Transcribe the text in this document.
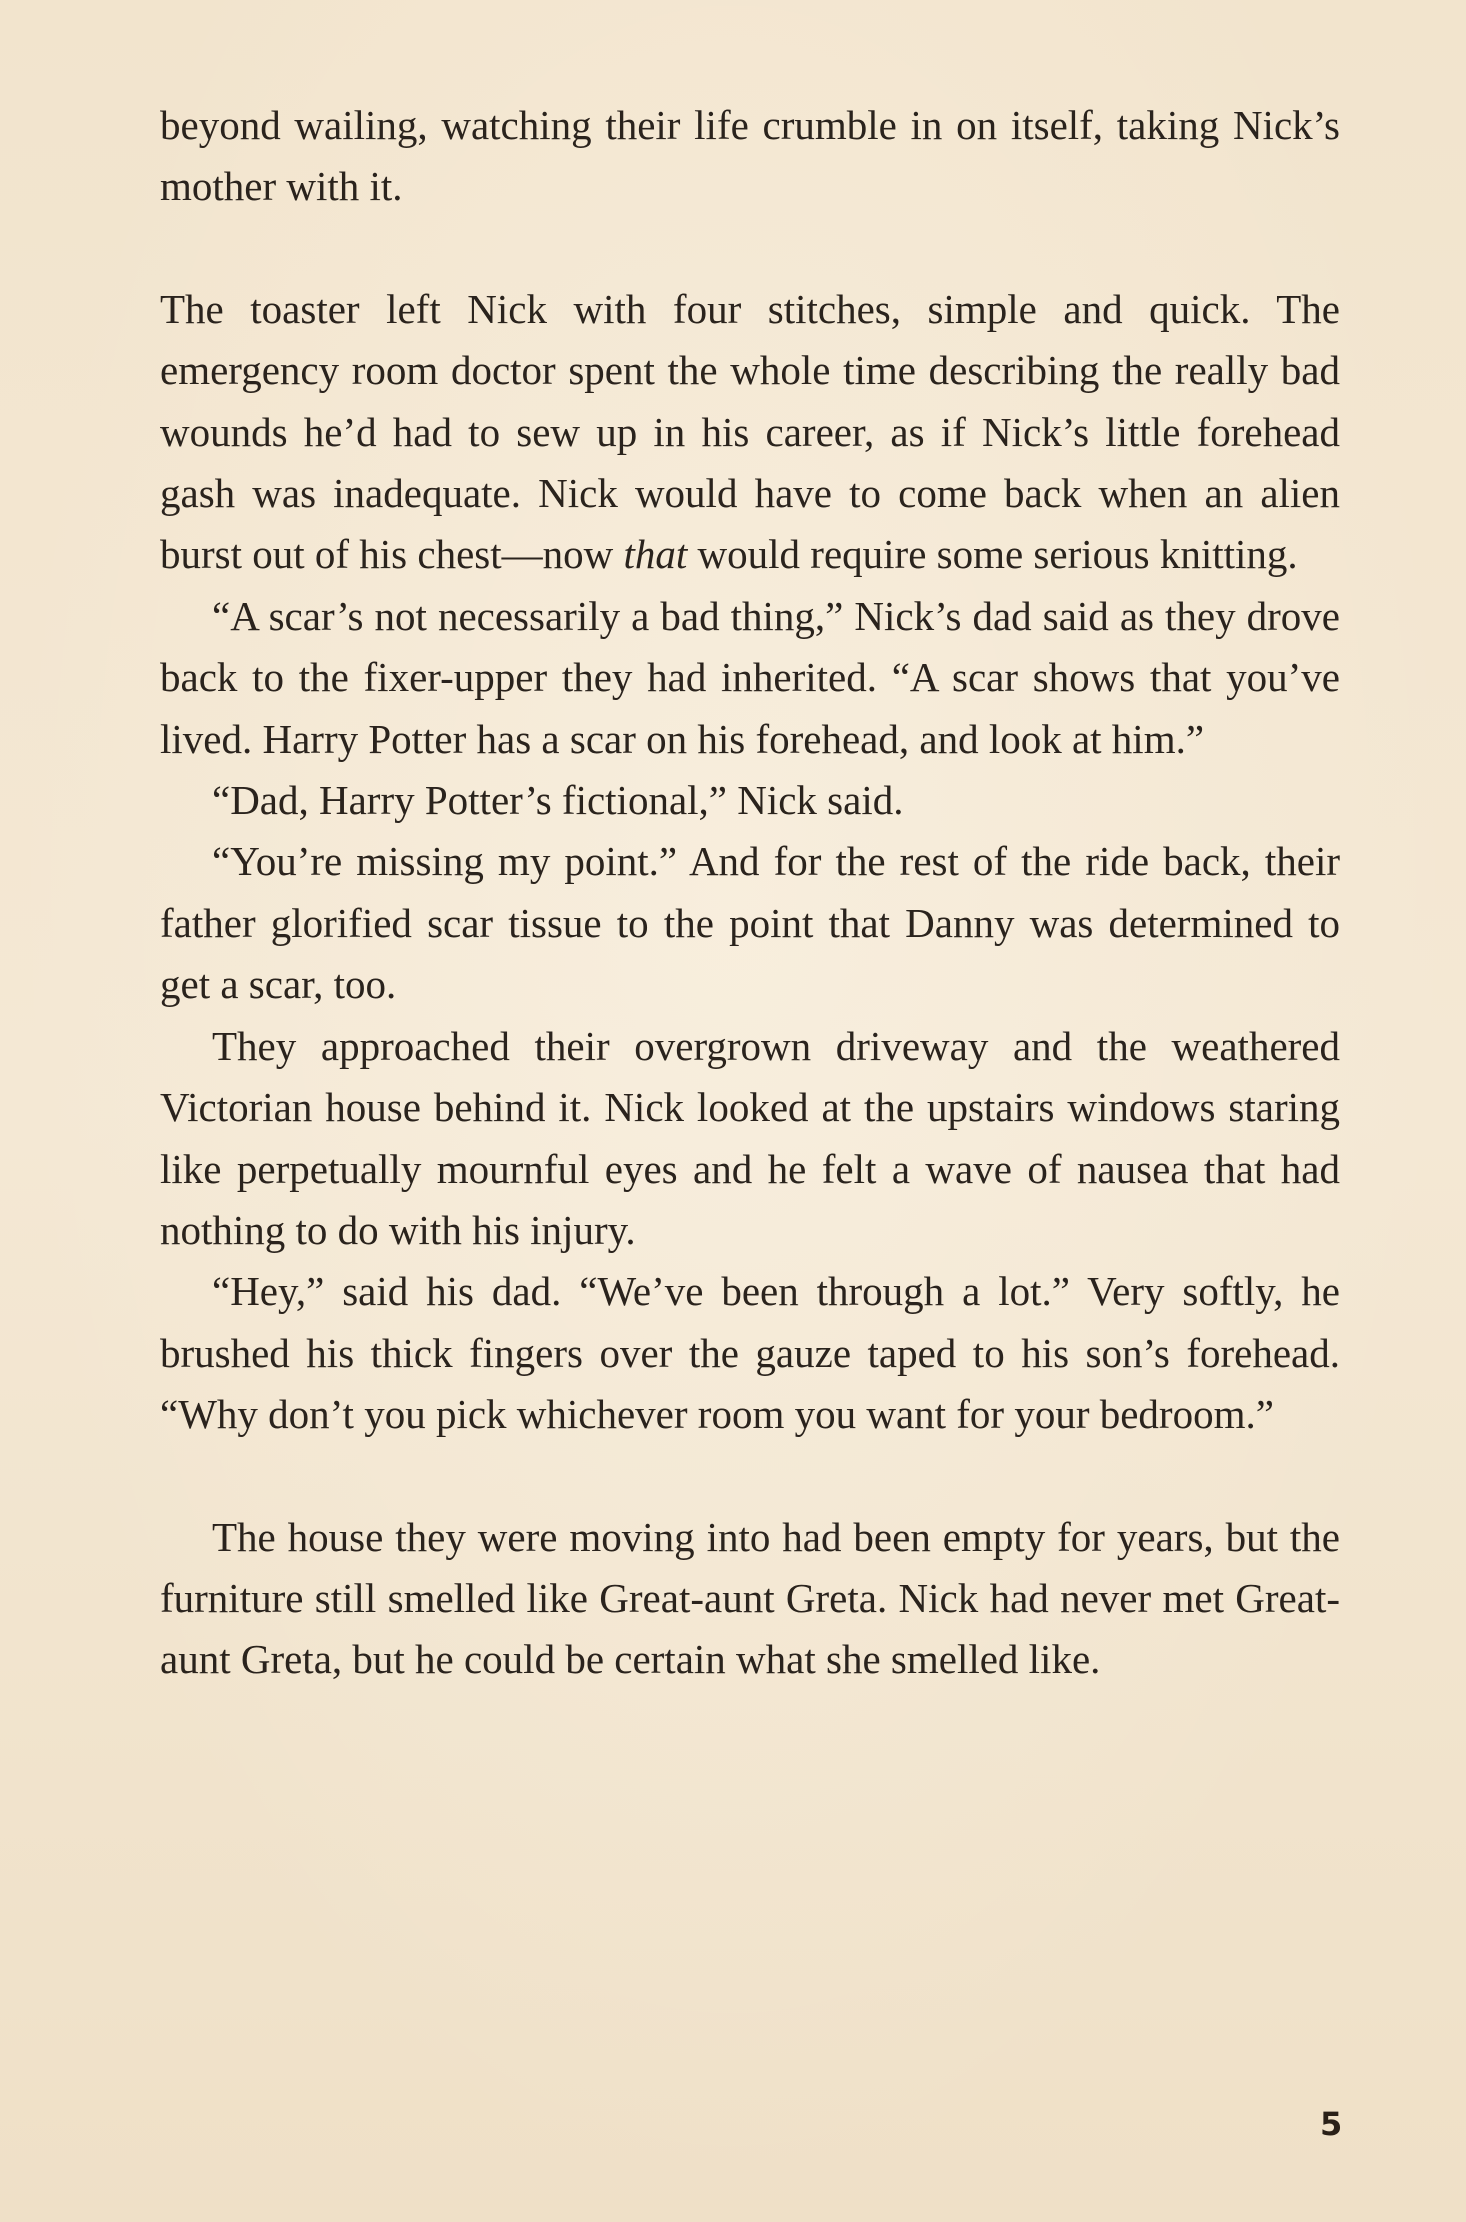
beyond wailing, watching their life crumble in on itself, taking Nick’s mother with it.

The toaster left Nick with four stitches, simple and quick. The emergency room doctor spent the whole time describing the really bad wounds he’d had to sew up in his career, as if Nick’s little forehead gash was inadequate. Nick would have to come back when an alien burst out of his chest—now that would require some serious knitting.

“A scar’s not necessarily a bad thing,” Nick’s dad said as they drove back to the fixer-upper they had inherited. “A scar shows that you’ve lived. Harry Potter has a scar on his forehead, and look at him.”

“Dad, Harry Potter’s fictional,” Nick said.

“You’re missing my point.” And for the rest of the ride back, their father glorified scar tissue to the point that Danny was determined to get a scar, too.

They approached their overgrown driveway and the weathered Victorian house behind it. Nick looked at the upstairs windows staring like perpetually mournful eyes and he felt a wave of nausea that had nothing to do with his injury.

“Hey,” said his dad. “We’ve been through a lot.” Very softly, he brushed his thick fingers over the gauze taped to his son’s forehead. “Why don’t you pick whichever room you want for your bedroom.”

The house they were moving into had been empty for years, but the furniture still smelled like Great-aunt Greta. Nick had never met Great-aunt Greta, but he could be certain what she smelled like.

5
